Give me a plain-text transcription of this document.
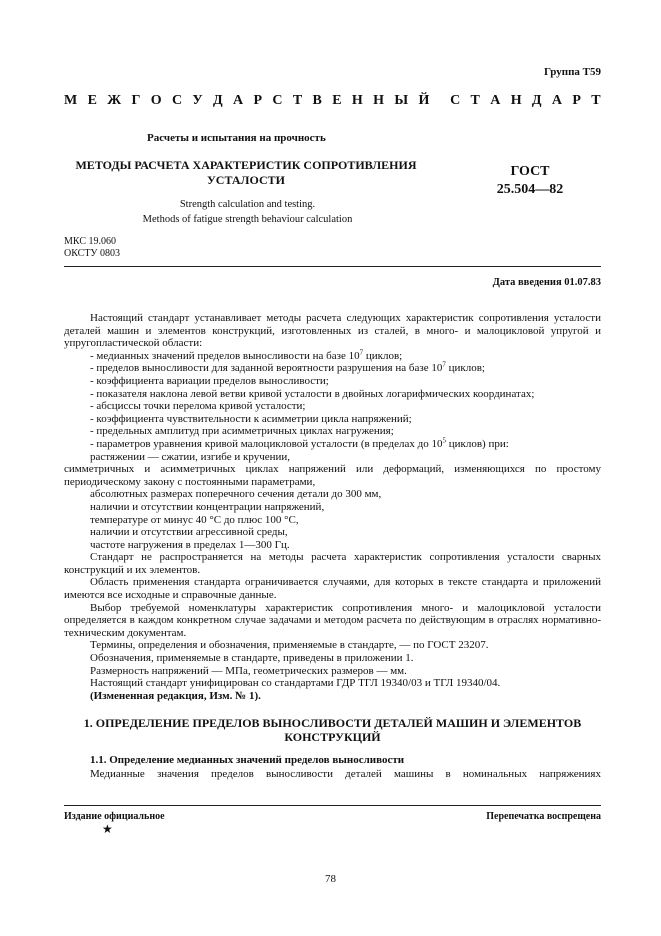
Группа Т59
М Е Ж Г О С У Д А Р С Т В Е Н Н Ы Й С Т А Н Д А Р Т
Расчеты и испытания на прочность
МЕТОДЫ РАСЧЕТА ХАРАКТЕРИСТИК СОПРОТИВЛЕНИЯ
УСТАЛОСТИ
ГОСТ
25.504—82
Strength calculation and testing.
Methods of fatigue strength behaviour calculation
МКС 19.060
ОКСТУ 0803
Дата введения 01.07.83

Настоящий стандарт устанавливает методы расчета следующих характеристик сопротивления усталости деталей машин и элементов конструкций, изготовленных из сталей, в много- и малоцикловой упругой и упругопластической области:

- медианных значений пределов выносливости на базе $10^7$ циклов;

- пределов выносливости для заданной вероятности разрушения на базе $10^7$ циклов;

- коэффициента вариации пределов выносливости;

- показателя наклона левой ветви кривой усталости в двойных логарифмических координатах;

- абсциссы точки перелома кривой усталости;

- коэффициента чувствительности к асимметрии цикла напряжений;

- предельных амплитуд при асимметричных циклах нагружения;

- параметров уравнения кривой малоцикловой усталости (в пределах до $10^5$ циклов) при:

растяжении — сжатии, изгибе и кручении,

симметричных и асимметричных циклах напряжений или деформаций, изменяющихся по простому периодическому закону с постоянными параметрами,

абсолютных размерах поперечного сечения детали до 300 мм,

наличии и отсутствии концентрации напряжений,

температуре от минус 40 °С до плюс 100 °С,

наличии и отсутствии агрессивной среды,

частоте нагружения в пределах 1—300 Гц.

Стандарт не распространяется на методы расчета характеристик сопротивления усталости сварных конструкций и их элементов.

Область применения стандарта ограничивается случаями, для которых в тексте стандарта и приложений имеются все исходные и справочные данные.

Выбор требуемой номенклатуры характеристик сопротивления много- и малоцикловой усталости определяется в каждом конкретном случае задачами и методом расчета по действующим в отраслях нормативно-техническим документам.

Термины, определения и обозначения, применяемые в стандарте, — по ГОСТ 23207.

Обозначения, применяемые в стандарте, приведены в приложении 1.

Размерность напряжений — МПа, геометрических размеров — мм.

Настоящий стандарт унифицирован со стандартами ГДР ТГЛ 19340/03 и ТГЛ 19340/04.

(Измененная редакция, Изм. № 1).

1. ОПРЕДЕЛЕНИЕ ПРЕДЕЛОВ ВЫНОСЛИВОСТИ ДЕТАЛЕЙ МАШИН И ЭЛЕМЕНТОВ
КОНСТРУКЦИЙ
1.1. Определение медианных значений пределов выносливости
Медианные значения пределов выносливости деталей машины в номинальных напряжениях
Издание официальное
★
Перепечатка воспрещена
78
